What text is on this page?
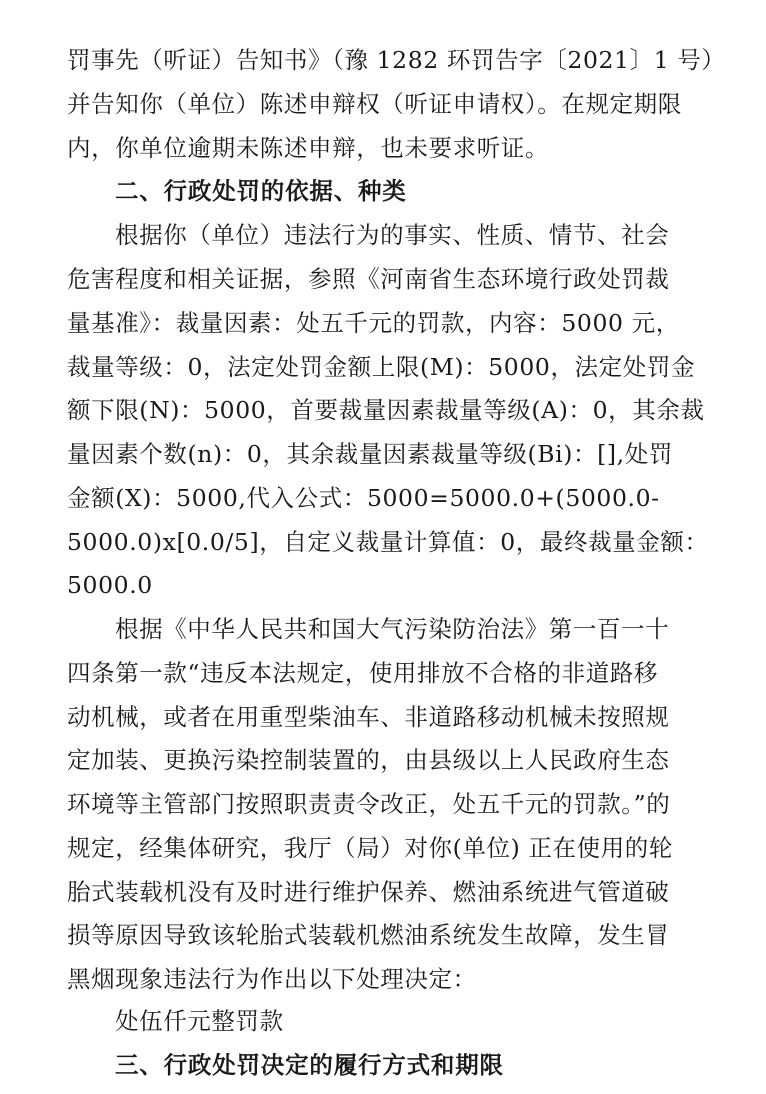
罚事先（听证）告知书》（豫 1282 环罚告字〔2021〕1 号）
并告知你（单位）陈述申辩权（听证申请权）。在规定期限
内，你单位逾期未陈述申辩，也未要求听证。
二、行政处罚的依据、种类
根据你（单位）违法行为的事实、性质、情节、社会
危害程度和相关证据，参照《河南省生态环境行政处罚裁
量基准》：裁量因素：处五千元的罚款，内容：5000 元，
裁量等级：0，法定处罚金额上限(M)：5000，法定处罚金
额下限(N)：5000，首要裁量因素裁量等级(A)：0，其余裁
量因素个数(n)：0，其余裁量因素裁量等级(Bi)：[],处罚
金额(X)：5000,代入公式：5000=5000.0+(5000.0-
5000.0)x[0.0/5]，自定义裁量计算值：0，最终裁量金额：
5000.0
根据《中华人民共和国大气污染防治法》第一百一十
四条第一款“违反本法规定，使用排放不合格的非道路移
动机械，或者在用重型柴油车、非道路移动机械未按照规
定加装、更换污染控制装置的，由县级以上人民政府生态
环境等主管部门按照职责责令改正，处五千元的罚款。”的
规定，经集体研究，我厅（局）对你(单位) 正在使用的轮
胎式装载机没有及时进行维护保养、燃油系统进气管道破
损等原因导致该轮胎式装载机燃油系统发生故障，发生冒
黑烟现象违法行为作出以下处理决定：
处伍仟元整罚款
三、行政处罚决定的履行方式和期限
